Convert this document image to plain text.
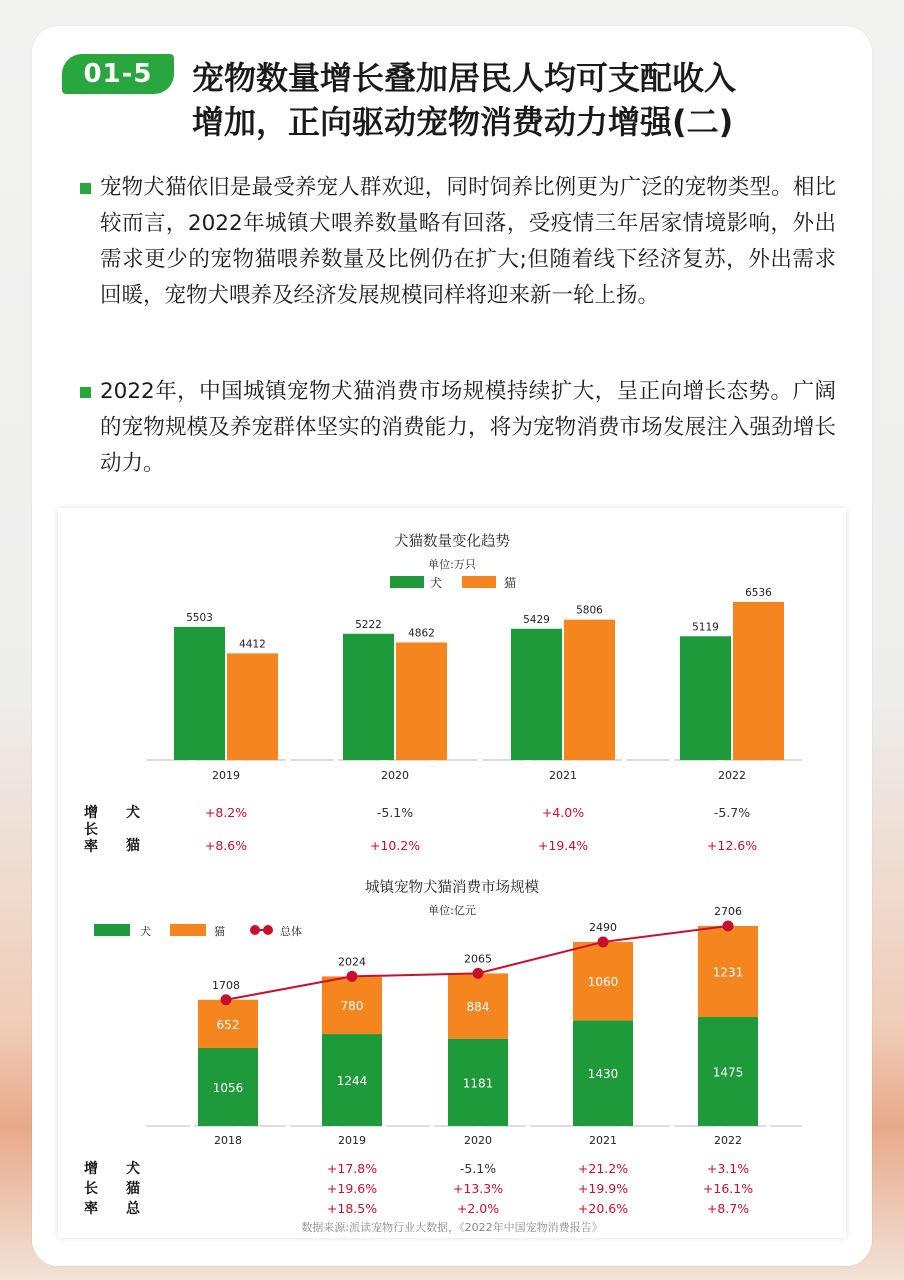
01-5	宠物数量增长叠加居民人均可支配收入
增加，正向驱动宠物消费动力增强(二)
宠物犬猫依旧是最受养宠人群欢迎，同时饲养比例更为广泛的宠物类型。相比较而言，2022年城镇犬喂养数量略有回落，受疫情三年居家情境影响，外出需求更少的宠物猫喂养数量及比例仍在扩大;但随着线下经济复苏，外出需求回暖，宠物犬喂养及经济发展规模同样将迎来新一轮上扬。
2022年，中国城镇宠物犬猫消费市场规模持续扩大，呈正向增长态势。广阔的宠物规模及养宠群体坚实的消费能力，将为宠物消费市场发展注入强劲增长动力。
犬猫数量变化趋势
单位:万只
犬	猫
5503
4412
2019
5222
4862
2020
5429
5806
2021
5119
6536
2022
增
长
率
犬	+8.2%	-5.1%	+4.0%	-5.7%
猫	+8.6%	+10.2%	+19.4%	+12.6%
城镇宠物犬猫消费市场规模
单位:亿元
犬	猫	总体
1056
652
2018
1244
780
2019
1181
884
2020
1430
1060
2021
1475
1231
2022
1708
2024	2065
2490
2706
增
长
率
犬	+17.8%	-5.1%	+21.2%	+3.1%
猫	+19.6%	+13.3%	+19.9%	+16.1%
总	+18.5%	+2.0%	+20.6%	+8.7%
数据来源:派读宠物行业大数据，《2022年中国宠物消费报告》
